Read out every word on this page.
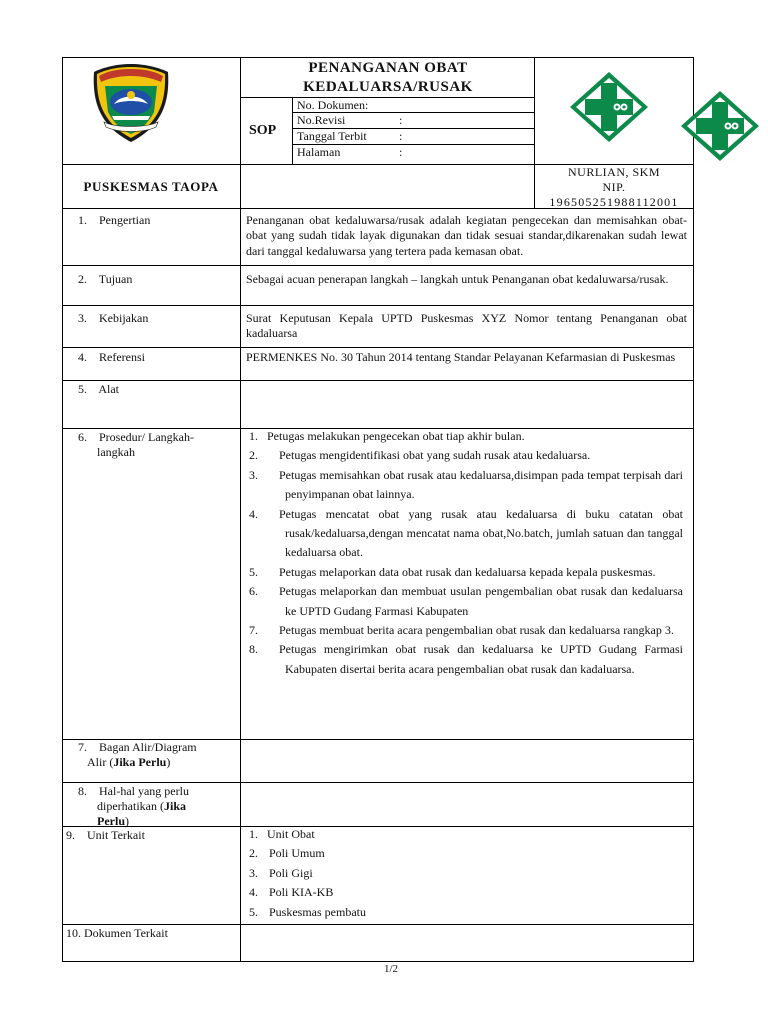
PENANGANAN OBAT KEDALUARSA/RUSAK
SOP
No. Dokumen:
No.Revisi	:
Tanggal Terbit	:
Halaman	:
PUSKESMAS TAOPA
NURLIAN, SKM
NIP.
196505251988112001
1.    Pengertian	Penanganan obat kedaluwarsa/rusak adalah kegiatan pengecekan dan memisahkan obat-obat yang sudah tidak layak digunakan dan tidak sesuai standar,dikarenakan sudah lewat dari tanggal kedaluwarsa yang tertera pada kemasan obat.
2.    Tujuan	Sebagai acuan penerapan langkah – langkah untuk Penanganan obat kedaluwarsa/rusak.
3.    Kebijakan	Surat Keputusan Kepala UPTD Puskesmas XYZ Nomor tentang Penanganan obat kadaluarsa
4.    Referensi	PERMENKES No. 30 Tahun 2014 tentang Standar Pelayanan Kefarmasian di Puskesmas
5.    Alat
6.    Prosedur/ Langkah-
langkah
1. Petugas melakukan pengecekan obat tiap akhir bulan.
2.	Petugas mengidentifikasi obat yang sudah rusak atau kedaluarsa.
3.	Petugas memisahkan obat rusak atau kedaluarsa,disimpan pada tempat terpisah dari penyimpanan obat lainnya.
4.	Petugas mencatat obat yang rusak atau kedaluarsa di buku catatan obat rusak/kedaluarsa,dengan mencatat nama obat,No.batch, jumlah satuan dan tanggal kedaluarsa obat.
5.	Petugas melaporkan data obat rusak dan kedaluarsa kepada kepala puskesmas.
6.	Petugas melaporkan dan membuat usulan pengembalian obat rusak dan kedaluarsa ke UPTD Gudang Farmasi Kabupaten
7.	Petugas membuat berita acara pengembalian obat rusak dan kedaluarsa rangkap 3.
8.	Petugas mengirimkan obat rusak dan kedaluarsa ke UPTD Gudang Farmasi Kabupaten disertai berita acara pengembalian obat rusak dan kadaluarsa.
7.    Bagan Alir/Diagram
Alir (Jika Perlu)
8.    Hal-hal yang perlu
diperhatikan (Jika
Perlu)
9.    Unit Terkait	1. Unit Obat
2. Poli Umum
3. Poli Gigi
4. Poli KIA-KB
5. Puskesmas pembatu
10. Dokumen Terkait
1/2
